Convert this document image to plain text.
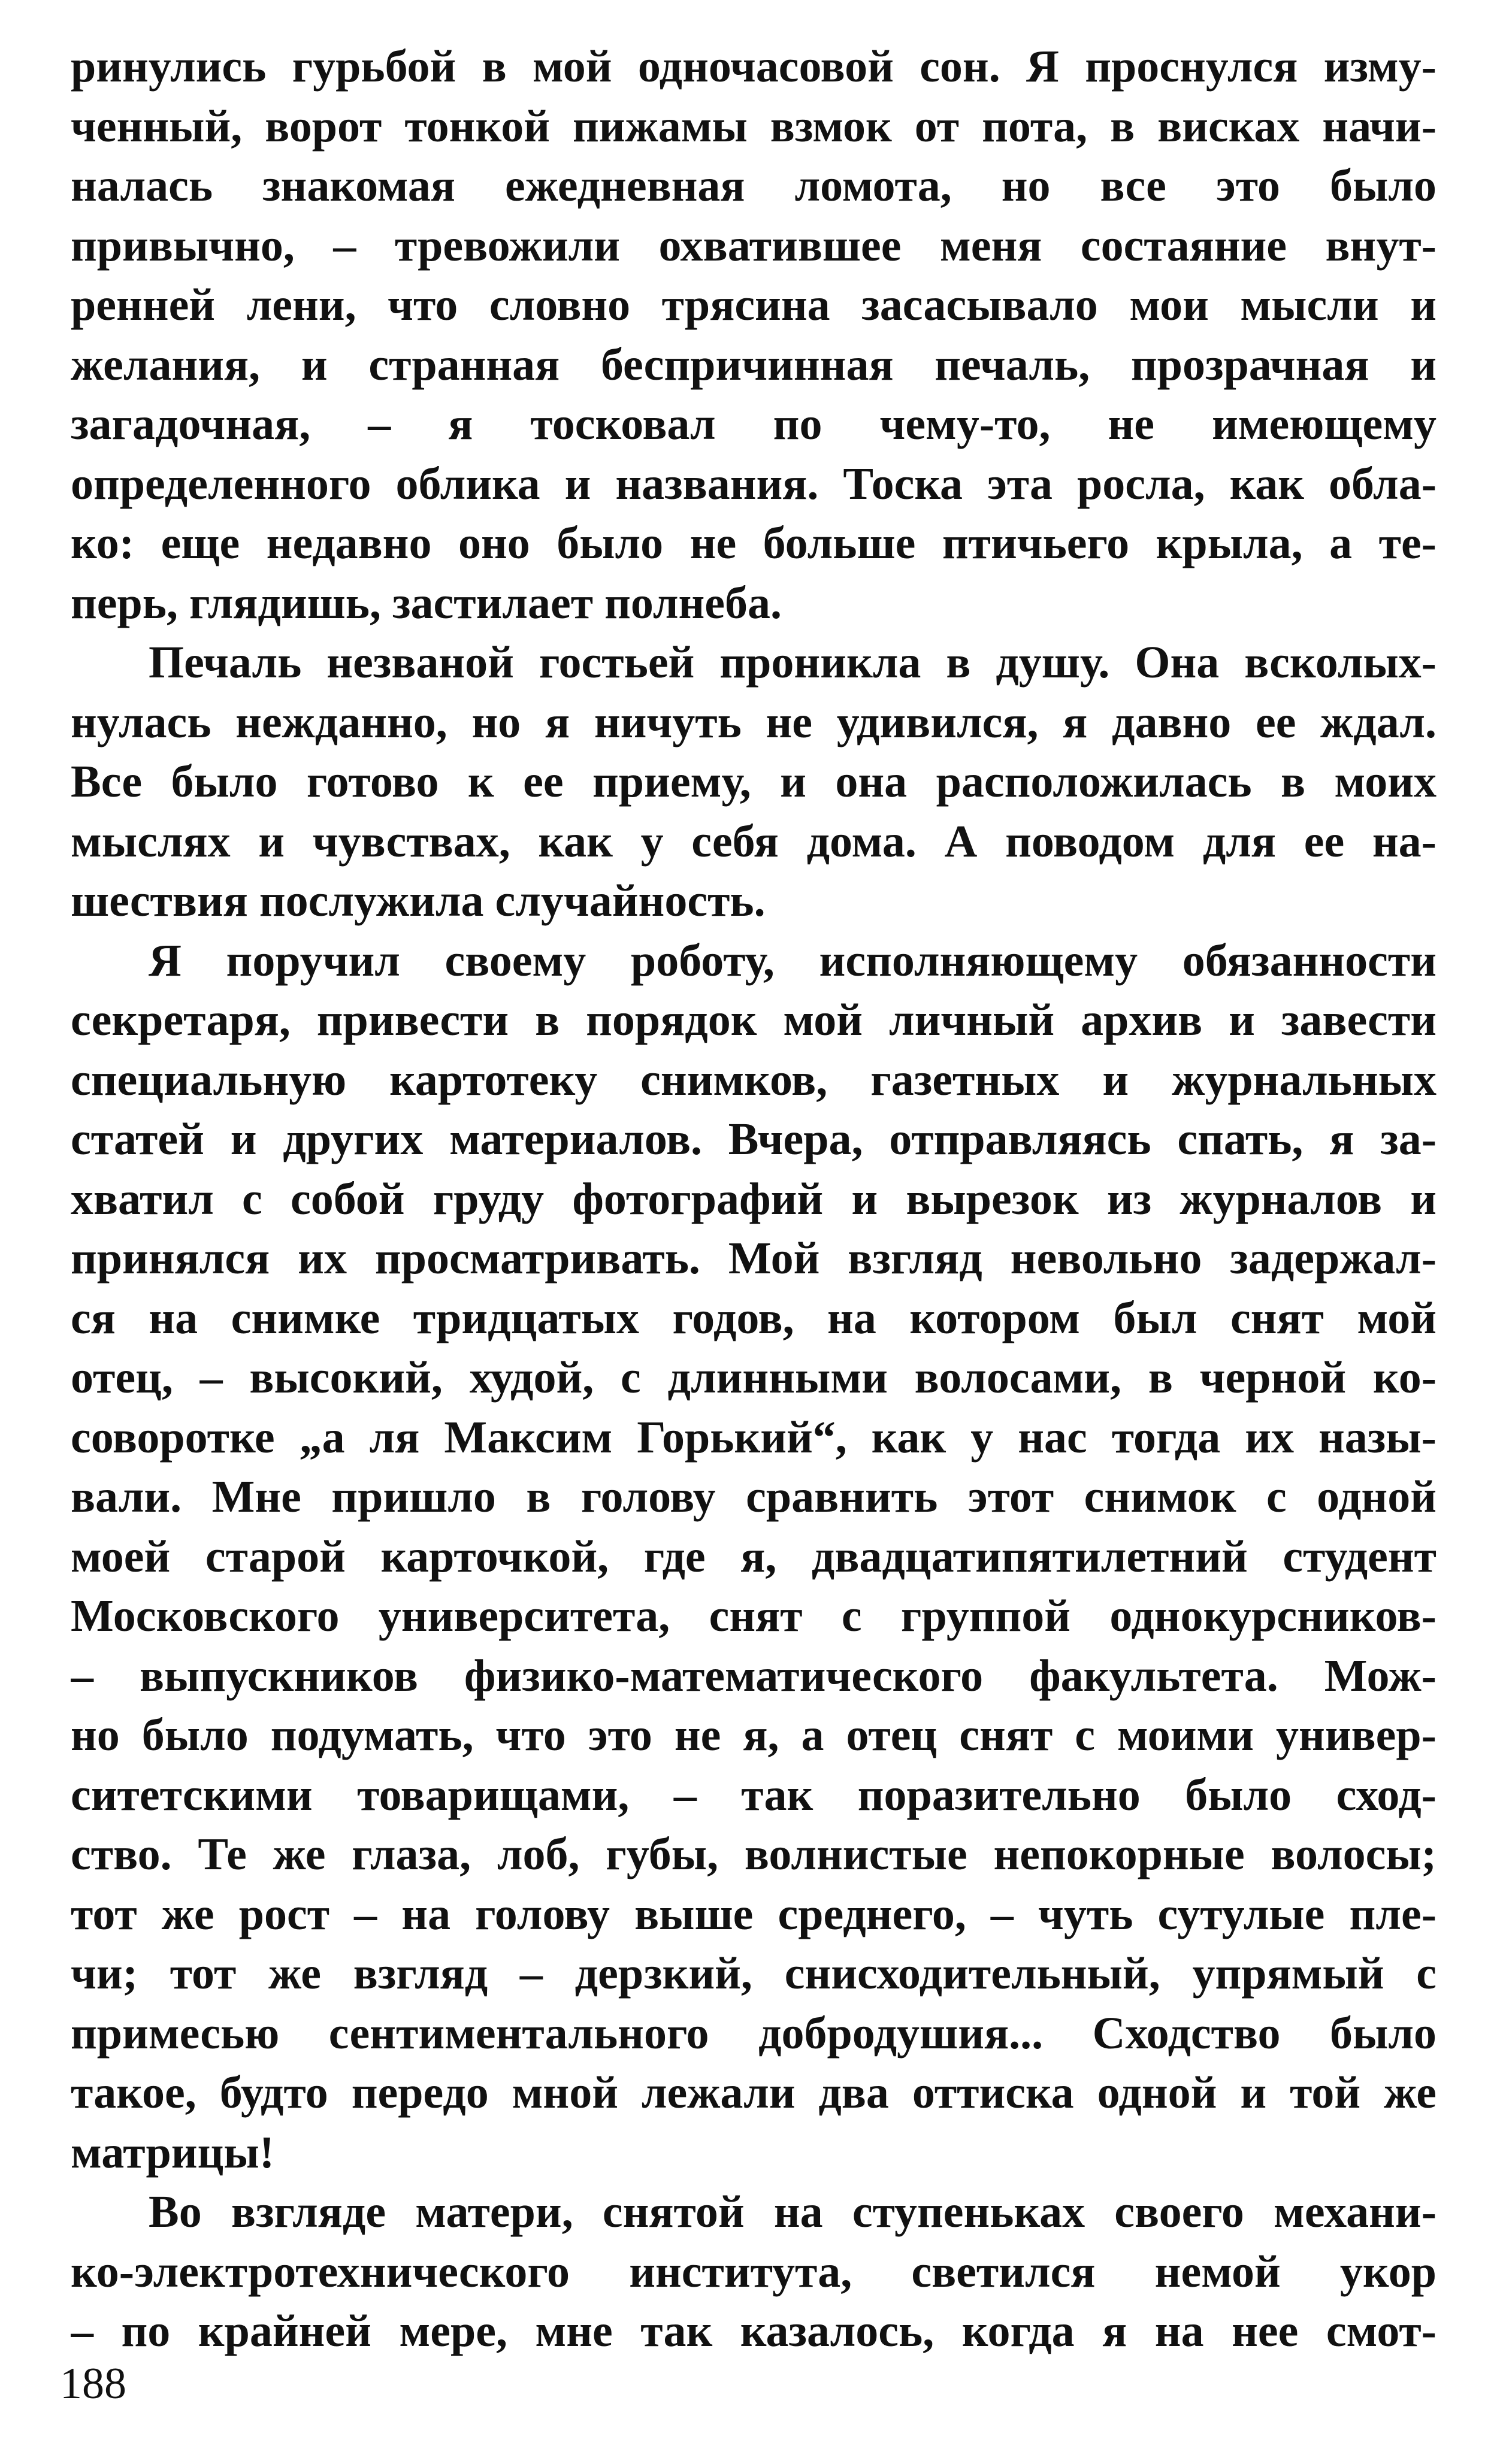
ринулись гурьбой в мой одночасовой сон. Я проснулся изму-
ченный, ворот тонкой пижамы взмок от пота, в висках начи-
налась знакомая ежедневная ломота, но все это было
привычно, – тревожили охватившее меня состаяние внут-
ренней лени, что словно трясина засасывало мои мысли и
желания, и странная беспричинная печаль, прозрачная и
загадочная, – я тосковал по чему-то, не имеющему
определенного облика и названия. Тоска эта росла, как обла-
ко: еще недавно оно было не больше птичьего крыла, а те-
перь, глядишь, застилает полнеба.
Печаль незваной гостьей проникла в душу. Она всколых-
нулась нежданно, но я ничуть не удивился, я давно ее ждал.
Все было готово к ее приему, и она расположилась в моих
мыслях и чувствах, как у себя дома. А поводом для ее на-
шествия послужила случайность.
Я поручил своему роботу, исполняющему обязанности
секретаря, привести в порядок мой личный архив и завести
специальную картотеку снимков, газетных и журнальных
статей и других материалов. Вчера, отправляясь спать, я за-
хватил с собой груду фотографий и вырезок из журналов и
принялся их просматривать. Мой взгляд невольно задержал-
ся на снимке тридцатых годов, на котором был снят мой
отец, – высокий, худой, с длинными волосами, в черной ко-
соворотке „а ля Максим Горький“, как у нас тогда их назы-
вали. Мне пришло в голову сравнить этот снимок с одной
моей старой карточкой, где я, двадцатипятилетний студент
Московского университета, снят с группой однокурсников-
– выпускников физико-математического факультета. Мож-
но было подумать, что это не я, а отец снят с моими универ-
ситетскими товарищами, – так поразительно было сход-
ство. Те же глаза, лоб, губы, волнистые непокорные волосы;
тот же рост – на голову выше среднего, – чуть сутулые пле-
чи; тот же взгляд – дерзкий, снисходительный, упрямый с
примесью сентиментального добродушия... Сходство было
такое, будто передо мной лежали два оттиска одной и той же
матрицы!
Во взгляде матери, снятой на ступеньках своего механи-
ко-электротехнического института, светился немой укор
– по крайней мере, мне так казалось, когда я на нее смот-
188
